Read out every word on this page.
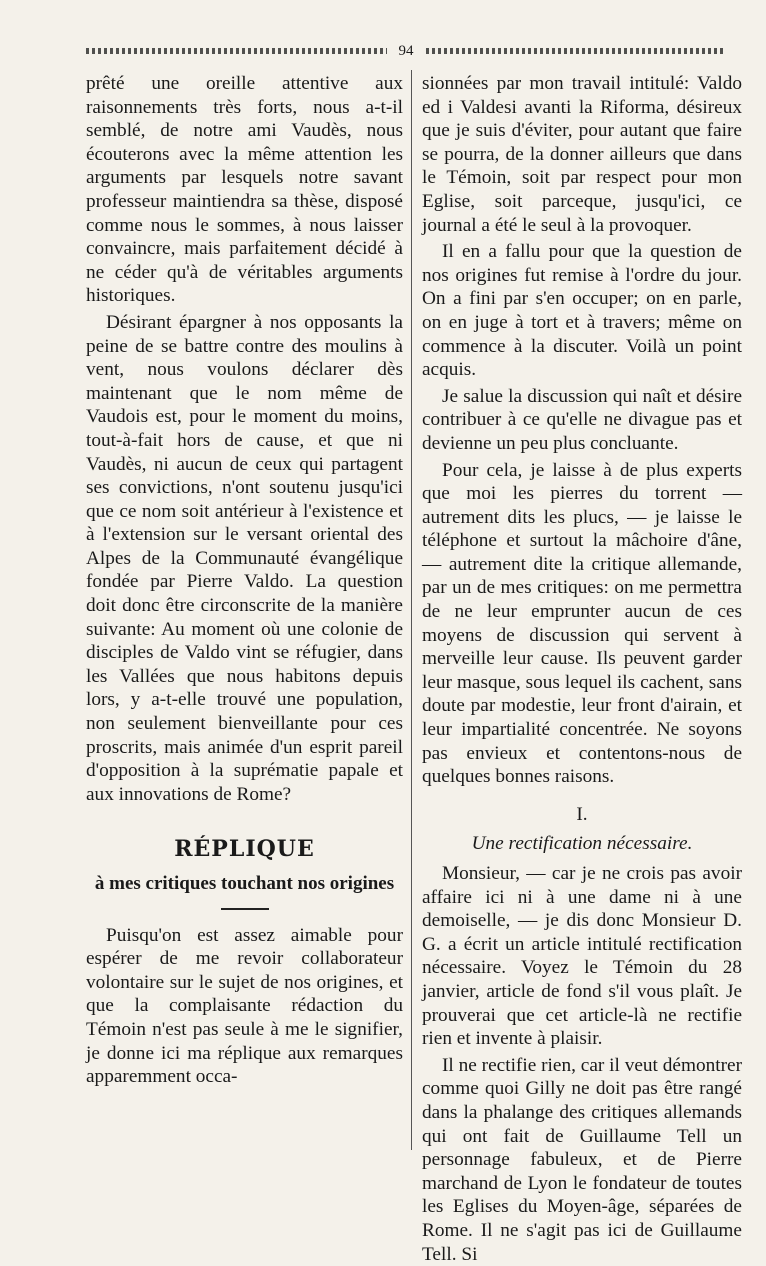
94

prêté une oreille attentive aux raisonnements très forts, nous a-t-il semblé, de notre ami Vaudès, nous écouterons avec la même attention les arguments par lesquels notre savant professeur maintiendra sa thèse, disposé comme nous le sommes, à nous laisser convaincre, mais parfaitement décidé à ne céder qu'à de véritables arguments historiques.

Désirant épargner à nos opposants la peine de se battre contre des moulins à vent, nous voulons déclarer dès maintenant que le nom même de Vaudois est, pour le moment du moins, tout-à-fait hors de cause, et que ni Vaudès, ni aucun de ceux qui partagent ses convictions, n'ont soutenu jusqu'ici que ce nom soit antérieur à l'existence et à l'extension sur le versant oriental des Alpes de la Communauté évangélique fondée par Pierre Valdo. La question doit donc être circonscrite de la manière suivante: Au moment où une colonie de disciples de Valdo vint se réfugier, dans les Vallées que nous habitons depuis lors, y a-t-elle trouvé une population, non seulement bienveillante pour ces proscrits, mais animée d'un esprit pareil d'opposition à la suprématie papale et aux innovations de Rome?

RÉPLIQUE
à mes critiques touchant nos origines

Puisqu'on est assez aimable pour espérer de me revoir collaborateur volontaire sur le sujet de nos origines, et que la complaisante rédaction du Témoin n'est pas seule à me le signifier, je donne ici ma réplique aux remarques apparemment occa-

sionnées par mon travail intitulé: Valdo ed i Valdesi avanti la Riforma, désireux que je suis d'éviter, pour autant que faire se pourra, de la donner ailleurs que dans le Témoin, soit par respect pour mon Eglise, soit parceque, jusqu'ici, ce journal a été le seul à la provoquer.

Il en a fallu pour que la question de nos origines fut remise à l'ordre du jour. On a fini par s'en occuper; on en parle, on en juge à tort et à travers; même on commence à la discuter. Voilà un point acquis.

Je salue la discussion qui naît et désire contribuer à ce qu'elle ne divague pas et devienne un peu plus concluante.

Pour cela, je laisse à de plus experts que moi les pierres du torrent — autrement dits les plucs, — je laisse le téléphone et surtout la mâchoire d'âne, — autrement dite la critique allemande, par un de mes critiques: on me permettra de ne leur emprunter aucun de ces moyens de discussion qui servent à merveille leur cause. Ils peuvent garder leur masque, sous lequel ils cachent, sans doute par modestie, leur front d'airain, et leur impartialité concentrée. Ne soyons pas envieux et contentons-nous de quelques bonnes raisons.

I.
Une rectification nécessaire.

Monsieur, — car je ne crois pas avoir affaire ici ni à une dame ni à une demoiselle, — je dis donc Monsieur D. G. a écrit un article intitulé rectification nécessaire. Voyez le Témoin du 28 janvier, article de fond s'il vous plaît. Je prouverai que cet article-là ne rectifie rien et invente à plaisir.

Il ne rectifie rien, car il veut démontrer comme quoi Gilly ne doit pas être rangé dans la phalange des critiques allemands qui ont fait de Guillaume Tell un personnage fabuleux, et de Pierre marchand de Lyon le fondateur de toutes les Eglises du Moyen-âge, séparées de Rome. Il ne s'agit pas ici de Guillaume Tell. Si
